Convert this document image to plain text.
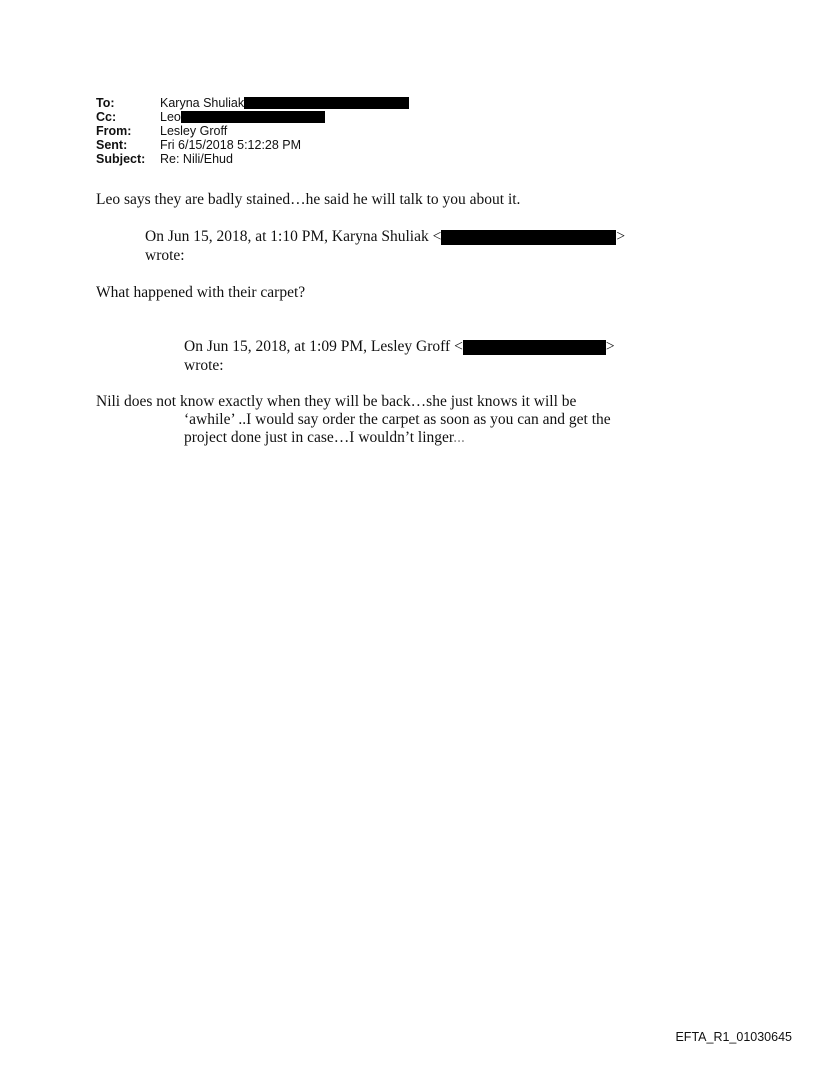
To:	Karyna Shuliak
Cc:	Leo
From:	Lesley Groff
Sent:	Fri 6/15/2018 5:12:28 PM
Subject:	Re: Nili/Ehud
Leo says they are badly stained…he said he will talk to you about it.
On Jun 15, 2018, at 1:10 PM, Karyna Shuliak <	>
wrote:
What happened with their carpet?
On Jun 15, 2018, at 1:09 PM, Lesley Groff <	>
wrote:
Nili does not know exactly when they will be back…she just knows it will be
‘awhile’ ..I would say order the carpet as soon as you can and get the
project done just in case…I wouldn’t linger...
EFTA_R1_01030645
